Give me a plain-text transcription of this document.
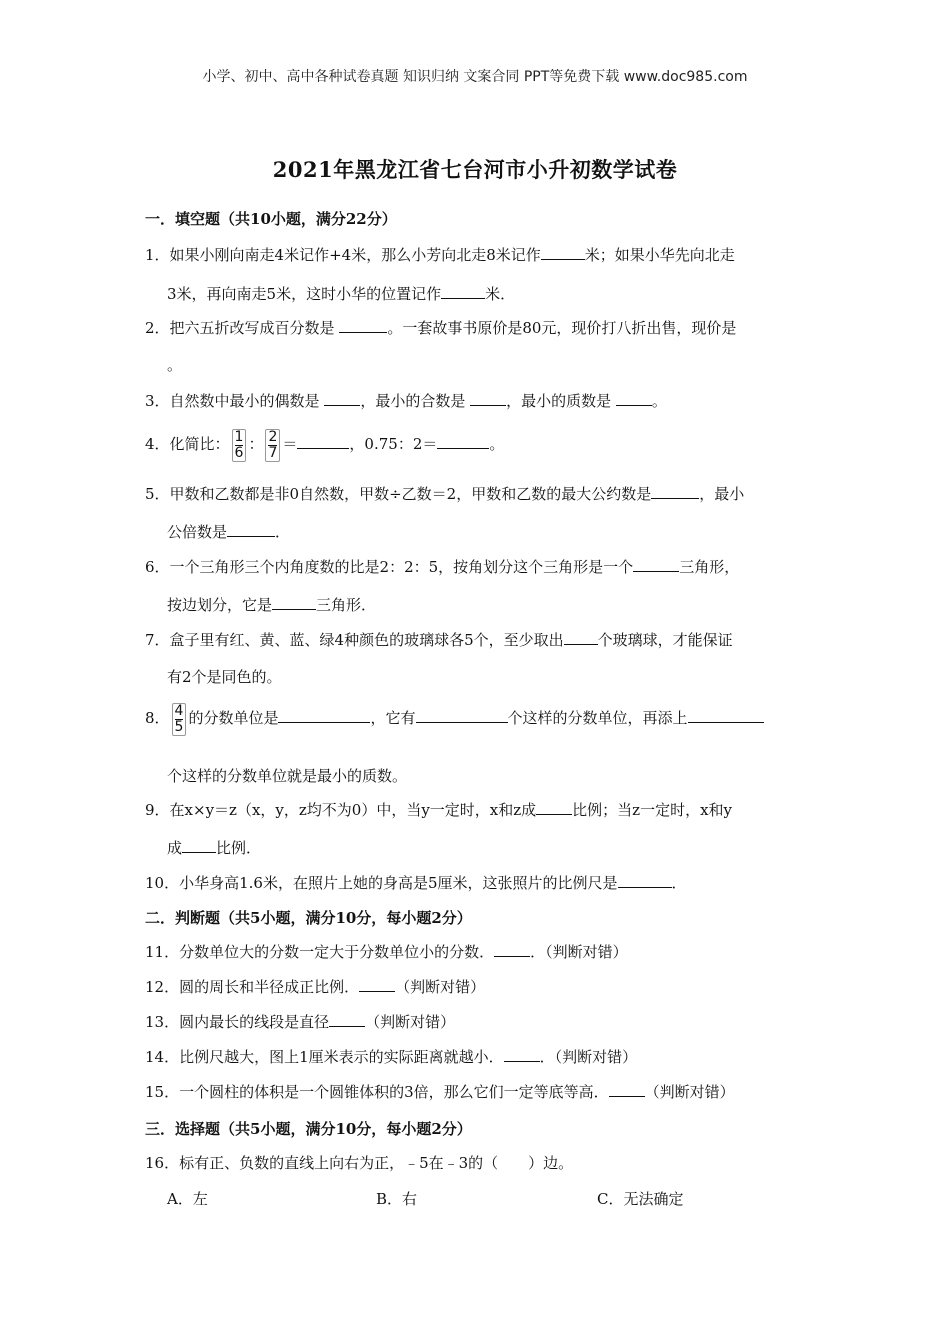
小学、初中、高中各种试卷真题 知识归纳 文案合同 PPT等免费下载 www.doc985.com
2021年黑龙江省七台河市小升初数学试卷
一．填空题（共10小题，满分22分）
1．如果小刚向南走4米记作+4米，那么小芳向北走8米记作	米；如果小华先向北走
3米，再向南走5米，这时小华的位置记作	米．
2．把六五折改写成百分数是	。一套故事书原价是80元，现价打八折出售，现价是
。
3．自然数中最小的偶数是 ，最小的合数是 ，最小的质数是 。
4．化简比： $\frac{1}{6}$ ： $\frac{2}{7}$ ＝	，0.75：2＝	。
5．甲数和乙数都是非0自然数，甲数÷乙数＝2，甲数和乙数的最大公约数是	，最小
公倍数是	．
6．一个三角形三个内角度数的比是2：2：5，按角划分这个三角形是一个	三角形，
按边划分，它是	三角形．
7．盒子里有红、黄、蓝、绿4种颜色的玻璃球各5个，至少取出 个玻璃球，才能保证
有2个是同色的。
8． $\frac{4}{5}$ 的分数单位是	，它有	个这样的分数单位，再添上
个这样的分数单位就是最小的质数。
9．在x×y＝z（x，y，z均不为0）中，当y一定时，x和z成 比例；当z一定时，x和y
成 比例．
10．小华身高1.6米，在照片上她的身高是5厘米，这张照片的比例尺是	．
二．判断题（共5小题，满分10分，每小题2分）
11．分数单位大的分数一定大于分数单位小的分数． ．（判断对错）
12．圆的周长和半径成正比例． （判断对错）
13．圆内最长的线段是直径 （判断对错）
14．比例尺越大，图上1厘米表示的实际距离就越小． ．（判断对错）
15．一个圆柱的体积是一个圆锥体积的3倍，那么它们一定等底等高． （判断对错）
三．选择题（共5小题，满分10分，每小题2分）
16．标有正、负数的直线上向右为正，﹣5在﹣3的（　　）边。
A．左	B．右	C．无法确定
